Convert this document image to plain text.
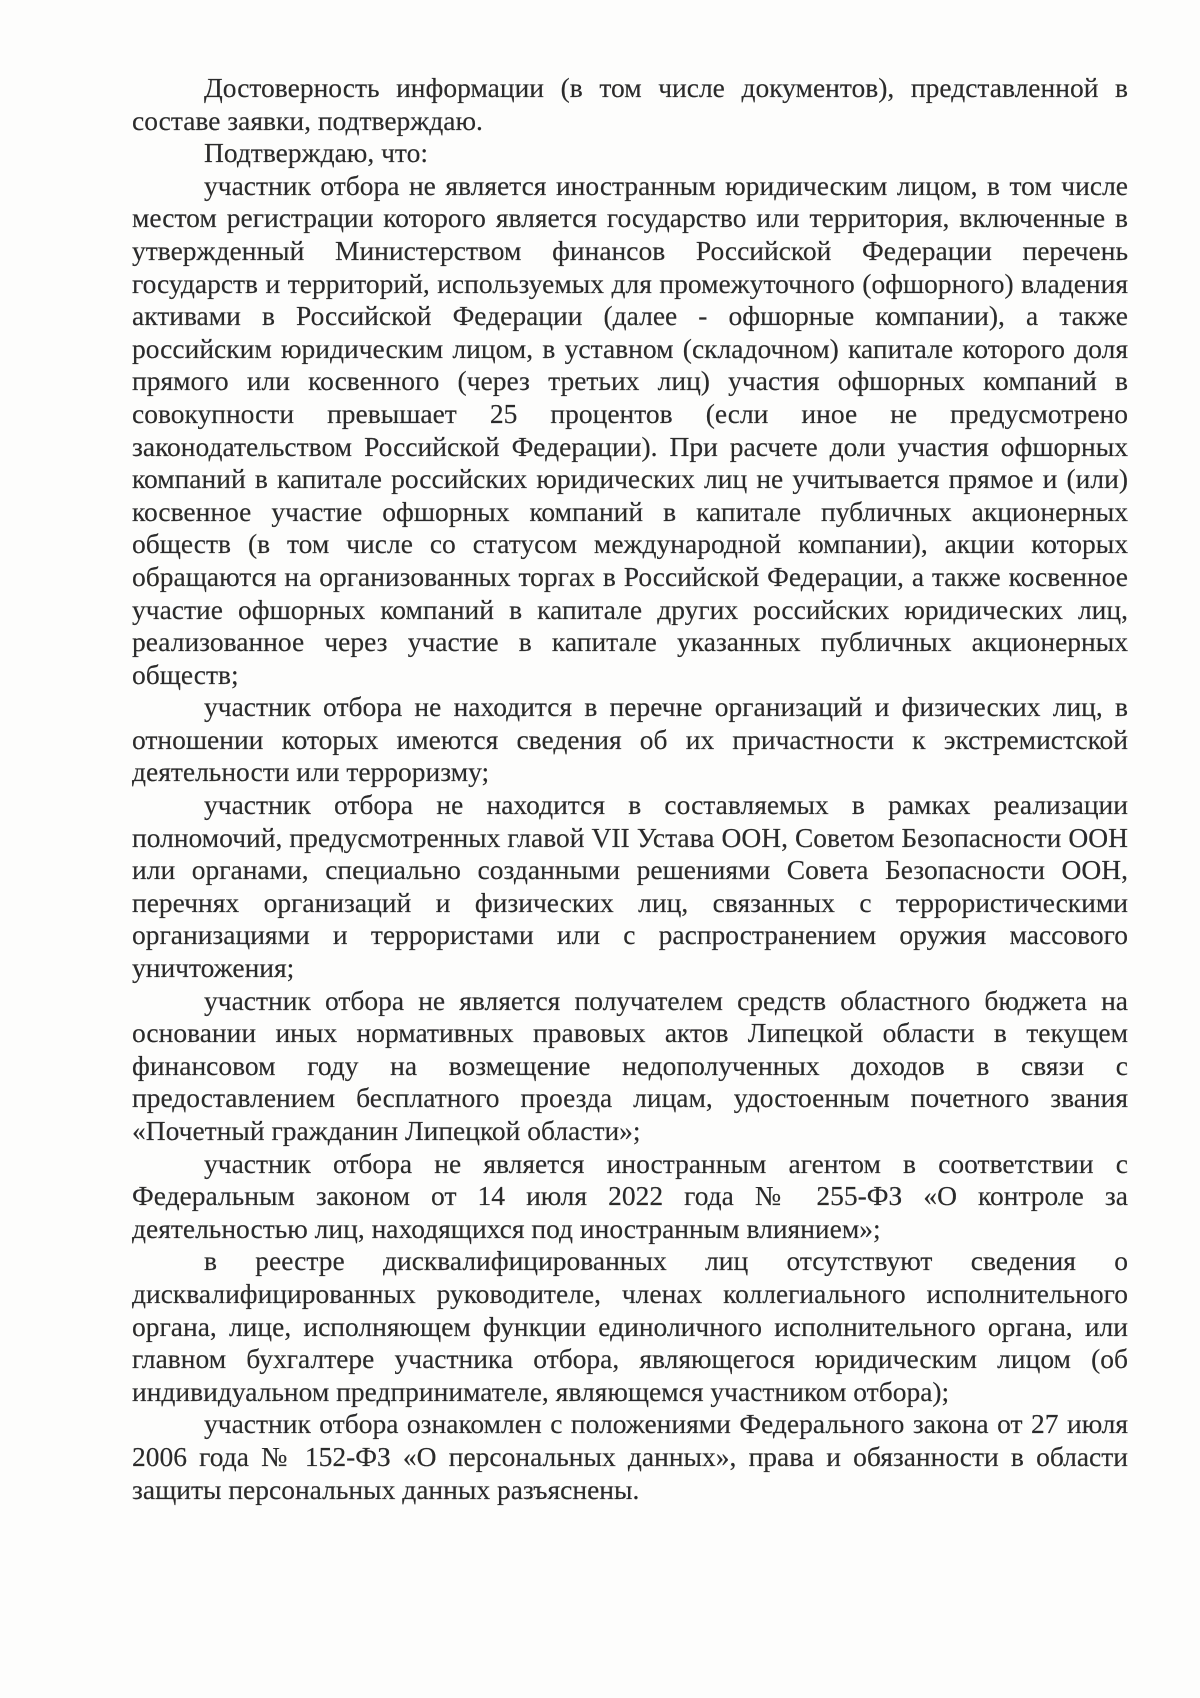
Достоверность информации (в том числе документов), представленной в составе заявки, подтверждаю.

Подтверждаю, что:

участник отбора не является иностранным юридическим лицом, в том числе местом регистрации которого является государство или территория, включенные в утвержденный Министерством финансов Российской Федерации перечень государств и территорий, используемых для промежуточного (офшорного) владения активами в Российской Федерации (далее - офшорные компании), а также российским юридическим лицом, в уставном (складочном) капитале которого доля прямого или косвенного (через третьих лиц) участия офшорных компаний в совокупности превышает 25 процентов (если иное не предусмотрено законодательством Российской Федерации). При расчете доли участия офшорных компаний в капитале российских юридических лиц не учитывается прямое и (или) косвенное участие офшорных компаний в капитале публичных акционерных обществ (в том числе со статусом международной компании), акции которых обращаются на организованных торгах в Российской Федерации, а также косвенное участие офшорных компаний в капитале других российских юридических лиц, реализованное через участие в капитале указанных публичных акционерных обществ;

участник отбора не находится в перечне организаций и физических лиц, в отношении которых имеются сведения об их причастности к экстремистской деятельности или терроризму;

участник отбора не находится в составляемых в рамках реализации полномочий, предусмотренных главой VII Устава ООН, Советом Безопасности ООН или органами, специально созданными решениями Совета Безопасности ООН, перечнях организаций и физических лиц, связанных с террористическими организациями и террористами или с распространением оружия массового уничтожения;

участник отбора не является получателем средств областного бюджета на основании иных нормативных правовых актов Липецкой области в текущем финансовом году на возмещение недополученных доходов в связи с предоставлением бесплатного проезда лицам, удостоенным почетного звания «Почетный гражданин Липецкой области»;

участник отбора не является иностранным агентом в соответствии с Федеральным законом от 14 июля 2022 года № 255-ФЗ «О контроле за деятельностью лиц, находящихся под иностранным влиянием»;

в реестре дисквалифицированных лиц отсутствуют сведения о дисквалифицированных руководителе, членах коллегиального исполнительного органа, лице, исполняющем функции единоличного исполнительного органа, или главном бухгалтере участника отбора, являющегося юридическим лицом (об индивидуальном предпринимателе, являющемся участником отбора);

участник отбора ознакомлен с положениями Федерального закона от 27 июля 2006 года № 152-ФЗ «О персональных данных», права и обязанности в области защиты персональных данных разъяснены.
